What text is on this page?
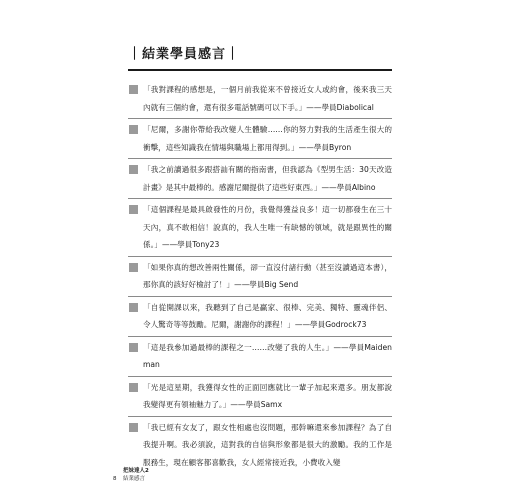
｜結業學員感言｜
「我對課程的感想是，一個月前我從來不曾接近女人或約會，後來我三天內就有三個約會，還有很多電話號碼可以下手。」——學員Diabolical
「尼爾，多謝你帶給我改變人生體驗……你的努力對我的生活產生很大的衝擊，這些知識我在情場與職場上都用得到。」——學員Byron
「我之前讀過很多跟搭訕有關的指南書，但我認為《型男生活：30天改造計畫》是其中最棒的。感謝尼爾提供了這些好東西。」——學員Albino
「這個課程是最具啟發性的月份，我覺得獲益良多！這一切都發生在三十天內，真不敢相信！說真的，我人生唯一有缺憾的領域，就是跟異性的關係。」——學員Tony23
「如果你真的想改善兩性關係，卻一直沒付諸行動（甚至沒讀過這本書），那你真的該好好檢討了！」——學員Big Send
「自從開課以來，我聽到了自己是贏家、很棒、完美、獨特、靈魂伴侶、令人驚奇等等鼓勵。尼爾，謝謝你的課程！」——學員Godrock73
「這是我參加過最棒的課程之一……改變了我的人生。」——學員Maidenman
「光是這星期，我獲得女性的正面回應就比一輩子加起來還多。朋友都說我變得更有領袖魅力了。」——學員Samx
「我已經有女友了，跟女性相處也沒問題，那幹嘛還來參加課程？為了自我提升啊。我必須說，這對我的自信與形象都是很大的激勵。我的工作是服務生，現在顧客都喜歡我，女人經常接近我，小費收入變
8
把妹達人2
結業感言
